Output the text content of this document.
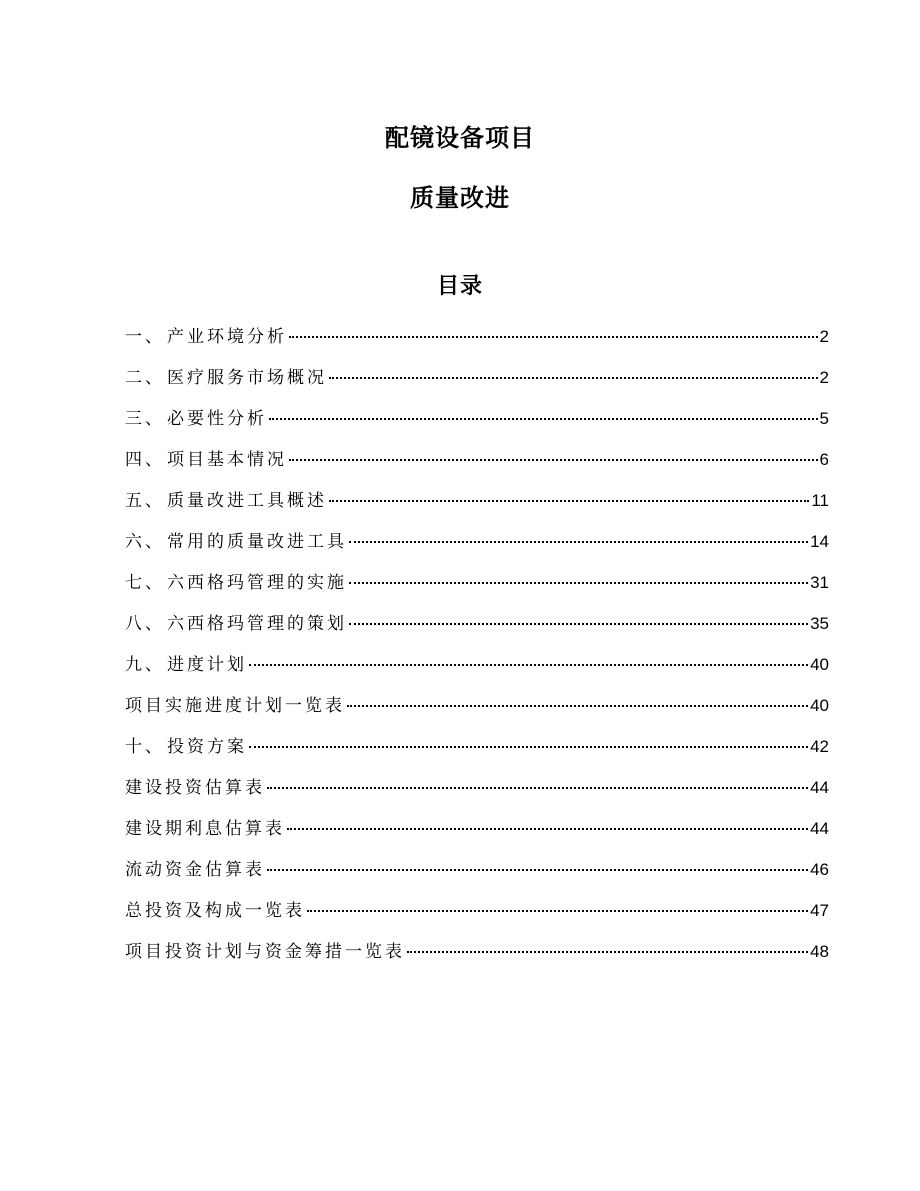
配镜设备项目
质量改进
目录
一、 产业环境分析	2
二、 医疗服务市场概况	2
三、 必要性分析	5
四、 项目基本情况	6
五、 质量改进工具概述	11
六、 常用的质量改进工具	14
七、 六西格玛管理的实施	31
八、 六西格玛管理的策划	35
九、 进度计划	40
项目实施进度计划一览表	40
十、 投资方案	42
建设投资估算表	44
建设期利息估算表	44
流动资金估算表	46
总投资及构成一览表	47
项目投资计划与资金筹措一览表	48
